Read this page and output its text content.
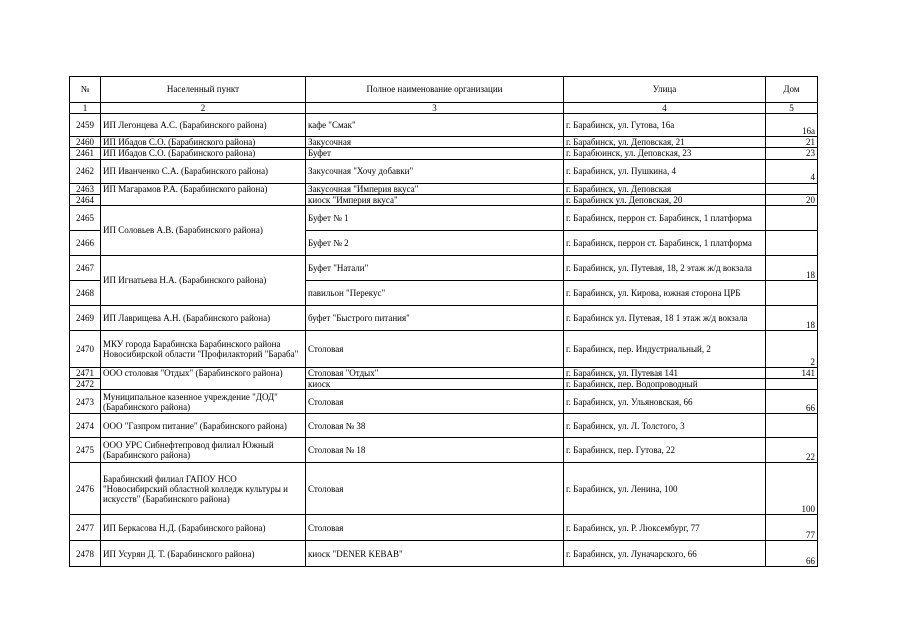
№	Населенный пункт	Полное наименование организации	Улица	Дом
1	2	3	4	5
2459	ИП Легонцева А.С. (Барабинского района)	кафе "Смак"	г. Барабинск, ул. Гутова, 16а	16а
2460	ИП Ибадов С.О. (Барабинского района)	Закусочная	г. Барабинск, ул. Деповская, 21	21
2461	ИП Ибадов С.О. (Барабинского района)	Буфет	г. Барабюинск, ул. Деповская, 23	23
2462	ИП Иванченко С.А. (Барабинского района)	Закусочная "Хочу добавки"	г. Барабинск, ул. Пушкина, 4	4
2463	ИП Магарамов Р.А. (Барабинского района)	Закусочная "Империя вкуса"	г. Барабинск, ул. Деповская	
2464		киоск "Империя вкуса"	г. Барабинск ул. Деповская, 20	20
2465	ИП Соловьев А.В. (Барабинского района)	Буфет № 1	г. Барабинск, перрон ст. Барабинск, 1 платформа	
2466		Буфет № 2	г. Барабинск, перрон ст. Барабинск, 1 платформа	
2467	ИП Игнатьева Н.А. (Барабинского района)	Буфет "Натали"	г. Барабинск, ул. Путевая, 18, 2 этаж ж/д вокзала	18
2468		павильон "Перекус"	г. Барабинск, ул. Кирова, южная сторона ЦРБ	
2469	ИП Лаврищева А.Н. (Барабинского района)	буфет "Быстрого питания"	г. Барабинск ул. Путевая, 18 1 этаж ж/д вокзала	18
2470	МКУ города Барабинска Барабинского района Новосибирской области "Профилакторий "Бараба"	Столовая	г. Барабинск, пер. Индустриальный, 2	2
2471	ООО столовая "Отдых" (Барабинского района)	Столовая "Отдых"	г. Барабинск, ул. Путевая 141	141
2472		киоск	г. Барабинск, пер. Водопроводный	
2473	Муниципальное казенное учреждение "ДОД" (Барабинского района)	Столовая	г. Барабинск, ул. Ульяновская, 66	66
2474	ООО "Газпром питание" (Барабинского района)	Столовая № 38	г. Барабинск, ул. Л. Толстого, 3	
2475	ООО УРС Сибнефтепровод филиал Южный (Барабинского района)	Столовая № 18	г. Барабинск, пер. Гутова, 22	22
2476	Барабинский филиал ГАПОУ НСО "Новосибирский областной колледж культуры и искусств" (Барабинского района)	Столовая	г. Барабинск, ул. Ленина, 100	100
2477	ИП Беркасова Н.Д. (Барабинского района)	Столовая	г. Барабинск, ул. Р. Люксембург, 77	77
2478	ИП Усурян Д. Т. (Барабинского района)	киоск "DENER KEBAB"	г. Барабинск, ул. Луначарского, 66	66
